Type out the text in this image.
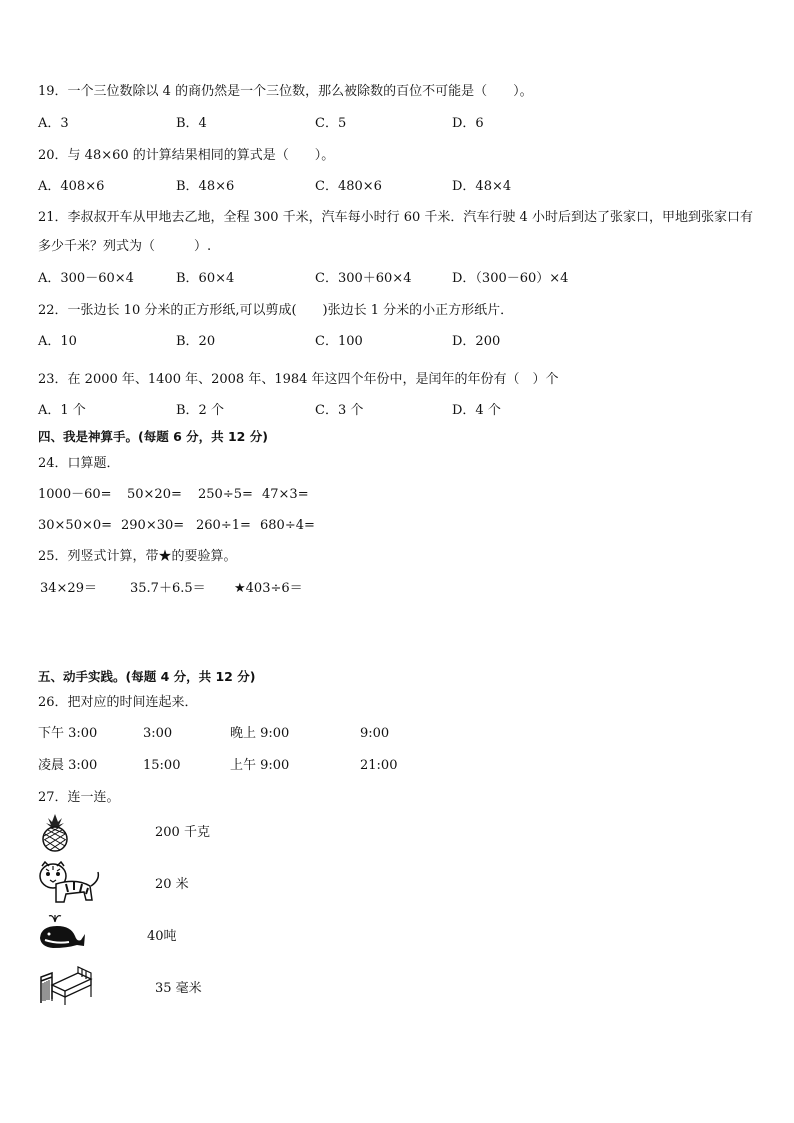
19．一个三位数除以 4 的商仍然是一个三位数，那么被除数的百位不可能是（　　）。
A．3	B．4	C．5	D．6
20．与 48×60 的计算结果相同的算式是（　　）。
A．408×6	B．48×6	C．480×6	D．48×4
21．李叔叔开车从甲地去乙地，全程 300 千米，汽车每小时行 60 千米．汽车行驶 4 小时后到达了张家口，甲地到张家口有多少千米？列式为（　　　）.
A．300－60×4	B．60×4	C．300＋60×4	D．（300－60）×4
22．一张边长 10 分米的正方形纸,可以剪成(　　)张边长 1 分米的小正方形纸片．
A．10	B．20	C．100	D．200
23．在 2000 年、1400 年、2008 年、1984 年这四个年份中，是闰年的年份有（　）个
A．1 个	B．2 个	C．3 个	D．4 个
四、我是神算手。(每题 6 分，共 12 分)
24．口算题．
1000－60= 50×20= 250÷5= 47×3=
30×50×0= 290×30= 260÷1= 680÷4=
25．列竖式计算，带★的要验算。
34×29＝	35.7＋6.5＝ ★403÷6＝
五、动手实践。(每题 4 分，共 12 分)
26．把对应的时间连起来．
下午 3:00	3:00	晚上 9:00	9:00
凌晨 3:00	15:00	上午 9:00	21:00
27．连一连。
200 千克
20 米
40吨
35 毫米
